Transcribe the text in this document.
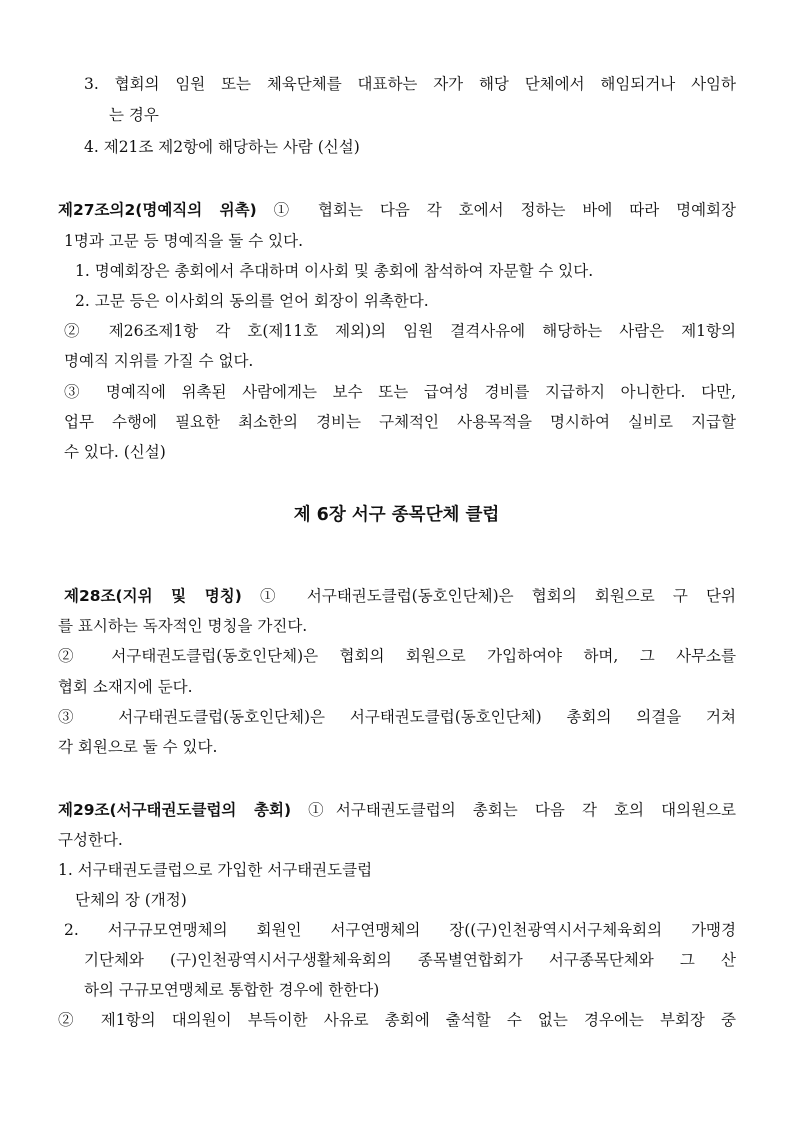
3. 협회의 임원 또는 체육단체를 대표하는 자가 해당 단체에서 해임되거나 사임하
는 경우
4. 제21조 제2항에 해당하는 사람 (신설)
제27조의2(명예직의 위촉) ① 협회는 다음 각 호에서 정하는 바에 따라 명예회장
1명과 고문 등 명예직을 둘 수 있다.
1. 명예회장은 총회에서 추대하며 이사회 및 총회에 참석하여 자문할 수 있다.
2. 고문 등은 이사회의 동의를 얻어 회장이 위촉한다.
② 제26조제1항 각 호(제11호 제외)의 임원 결격사유에 해당하는 사람은 제1항의
명예직 지위를 가질 수 없다.
③ 명예직에 위촉된 사람에게는 보수 또는 급여성 경비를 지급하지 아니한다. 다만,
업무 수행에 필요한 최소한의 경비는 구체적인 사용목적을 명시하여 실비로 지급할
수 있다. (신설)
제 6장 서구 종목단체 클럽
제28조(지위 및 명칭) ① 서구태권도클럽(동호인단체)은 협회의 회원으로 구 단위
를 표시하는 독자적인 명칭을 가진다.
② 서구태권도클럽(동호인단체)은 협회의 회원으로 가입하여야 하며, 그 사무소를
협회 소재지에 둔다.
③ 서구태권도클럽(동호인단체)은 서구태권도클럽(동호인단체) 총회의 의결을 거쳐
각 회원으로 둘 수 있다.
제29조(서구태권도클럽의 총회) ①서구태권도클럽의 총회는 다음 각 호의 대의원으로
구성한다.
1. 서구태권도클럽으로 가입한 서구태권도클럽
단체의 장 (개정)
2. 서구규모연맹체의 회원인 서구연맹체의 장((구)인천광역시서구체육회의 가맹경
기단체와 (구)인천광역시서구생활체육회의 종목별연합회가 서구종목단체와 그 산
하의 구규모연맹체로 통합한 경우에 한한다)
② 제1항의 대의원이 부득이한 사유로 총회에 출석할 수 없는 경우에는 부회장 중
